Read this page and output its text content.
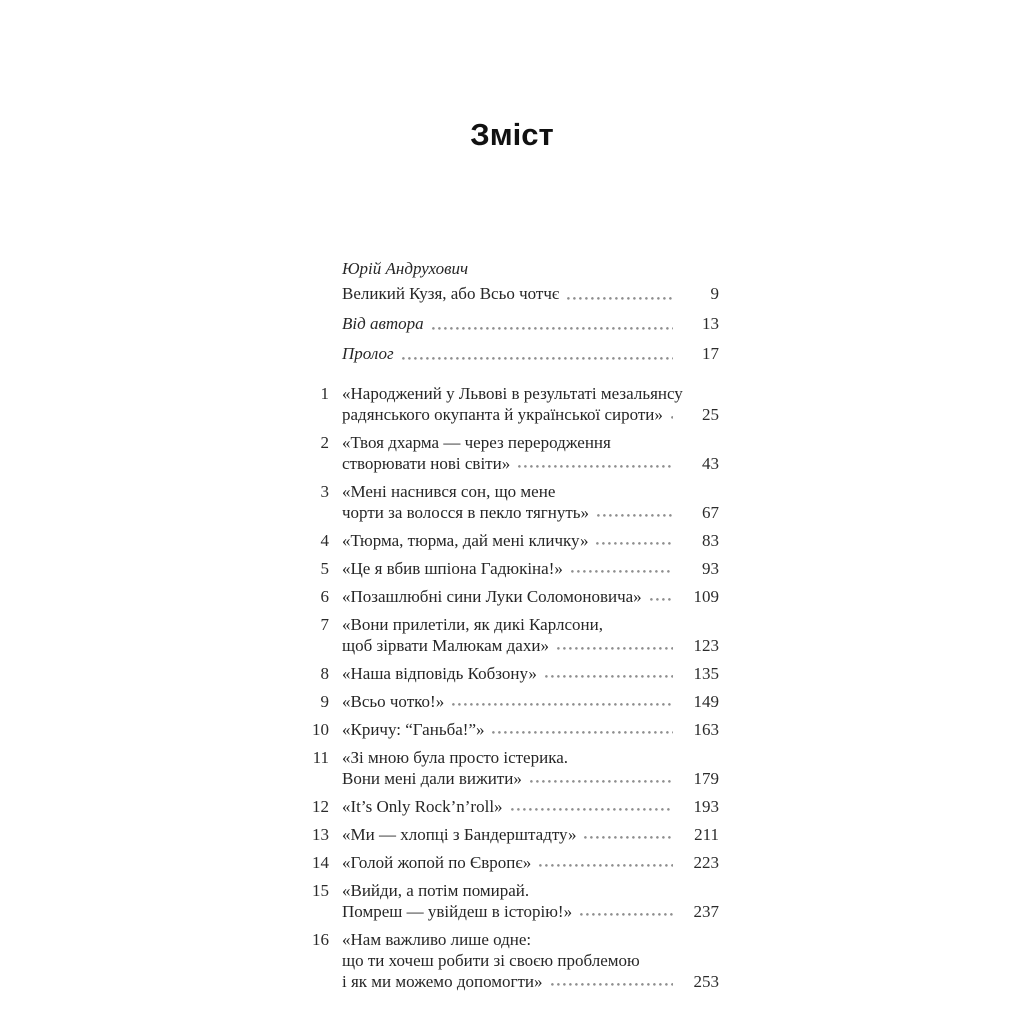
Зміст
Юрій Андрухович
Великий Кузя, або Всьо чотчє	9
Від автора	13
Пролог	17
1 «Народжений у Львові в результаті мезальянсу
радянського окупанта й української сироти»	25
2 «Твоя дхарма — через переродження
створювати нові світи»	43
3 «Мені наснився сон, що мене
чорти за волосся в пекло тягнуть»	67
4 «Тюрма, тюрма, дай мені кличку»	83
5 «Це я вбив шпіона Гадюкіна!»	93
6 «Позашлюбні сини Луки Соломоновича»	109
7 «Вони прилетіли, як дикі Карлсони,
щоб зірвати Малюкам дахи»	123
8 «Наша відповідь Кобзону»	135
9 «Всьо чотко!»	149
10 «Кричу: “Ганьба!”»	163
11 «Зі мною була просто істерика.
Вони мені дали вижити»	179
12 «It’s Only Rock’n’roll»	193
13 «Ми — хлопці з Бандерштадту»	211
14 «Голой жопой по Європє»	223
15 «Вийди, а потім помирай.
Помреш — увійдеш в історію!»	237
16 «Нам важливо лише одне:
що ти хочеш робити зі своєю проблемою
і як ми можемо допомогти»	253
